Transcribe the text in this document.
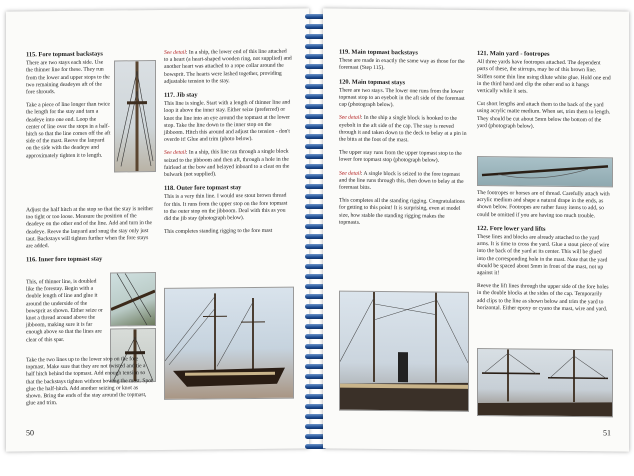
115. Fore topmast backstays

There are two stays each side. Use the thinner line for these. They run from the lower and upper stops to the two remaining deadeyes aft of the fore shrouds.

Take a piece of line longer than twice the length for the stay and tarn a deadeye into one end. Loop the center of line over the stops in a half-hitch so that the line comes off the aft side of the mast. Reeve the lanyard on the side with the deadeye and approximately tighten it to length.

Adjust the half hitch at the stop so that the stay is neither too tight or too loose. Measure the position of the deadeye on the other end of the line. Add and turn in the deadeye. Reeve the lanyard and snug the stay only just taut. Backstays will tighten further when the fore stays are added.

116. Inner fore topmast stay

This, of thinner line, is doubled like the forestay. Begin with a double length of line and glue it around the underside of the bowsprit as shown. Either seize or knot a thread around above the jibboom, making sure it is far enough above so that the lines are clear of this spar.

Take the two lines up to the lower stop on the fore topmast. Make sure that they are not twisted and tie a half hitch behind the topmast. Add enough tension so that the backstays tighten without bowing the mast. Spot glue the half-hitch. Add another seizing or knot as shown. Bring the ends of the stay around the topmast, glue and trim.

See detail: In a ship, the lower end of this line attached to a heart (a heart-shaped wooden ring, not supplied) and another heart was attached to a rope collar around the bowsprit. The hearts were lashed together, providing adjustable tension to the stay.

117. Jib stay

This line is single. Start with a length of thinner line and loop it above the inner stay. Either seize (preferred) or knot the line into an eye around the topmast at the lower stop. Take the line down to the inner stop on the jibboom. Hitch this around and adjust the tension - don't overdo it! Glue and trim (photo below).

See detail: In a ship, this line ran through a single block seized to the jibboom and then aft, through a hole in the fairlead at the bow and belayed inboard to a cleat on the bulwark (not supplied).

118. Outer fore topmast stay

This is a very thin line. I would use stout brown thread for this. It runs from the upper stop on the fore topmast to the outer stop on the jibboom. Deal with this as you did the jib stay (photograph below).

This completes standing rigging to the fore mast

50
119. Main topmast backstays

These are made in exactly the same way as those for the foremast (Step 115).

120. Main topmast stays

There are two stays. The lower one runs from the lower topmast stop to an eyebolt in the aft side of the foremast cap (photograph below).

See detail: In the ship a single block is hooked to the eyebolt in the aft side of the cap. The stay is reeved through it and taken down to the deck to belay at a pin in the bitts at the foot of the mast.

The upper stay runs from the upper topmast stop to the lower fore topmast stop (photograph below).

See detail: A single block is seized to the fore topmast and the line runs through this, then down to belay at the foremast bitts.

This completes all the standing rigging. Congratulations for getting to this point! It is surprising, even at model size, how stable the standing rigging makes the topmasts.

121. Main yard - footropes

All three yards have footropes attached. The dependent parts of these, the stirrups, may be of this brown line. Stiffen some thin line using dilute white glue. Hold one end in the third hand and clip the other end so it hangs vertically while it sets.

Cut short lengths and attach them to the back of the yard using acrylic matte medium. When set, trim them to length. They should be cut about 5mm below the bottom of the yard (photograph below).

The footropes or horses are of thread. Carefully attach with acrylic medium and shape a natural drape in the ends, as shown below. Footropes are rather fussy items to add, so could be omitted if you are having too much trouble.

122. Fore lower yard lifts

These lines and blocks are already attached to the yard arms. It is time to cross the yard. Glue a stout piece of wire into the back of the yard at its center. This will be glued into the corresponding hole in the mast. Note that the yard should be spaced about 5mm in front of the mast, not up against it!

Reeve the lift lines through the upper side of the fore holes in the double blocks at the sides of the cap. Temporarily add clips to the line as shown below and trim the yard to horizontal. Either epoxy or cyano the mast, wire and yard.

51
